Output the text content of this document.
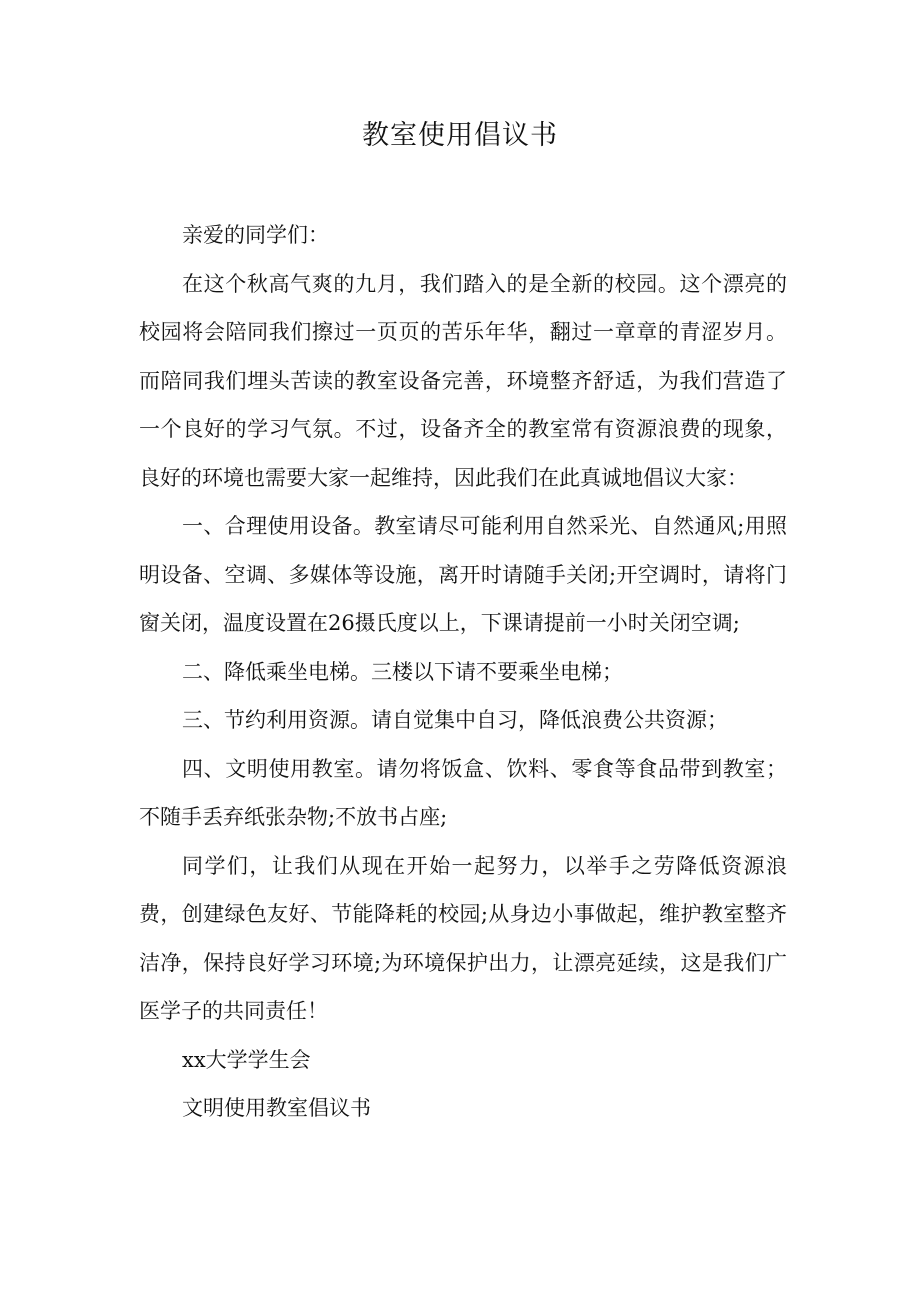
教室使用倡议书

亲爱的同学们：

在这个秋高气爽的九月，我们踏入的是全新的校园。这个漂亮的校园将会陪同我们擦过一页页的苦乐年华，翻过一章章的青涩岁月。而陪同我们埋头苦读的教室设备完善，环境整齐舒适，为我们营造了一个良好的学习气氛。不过，设备齐全的教室常有资源浪费的现象，良好的环境也需要大家一起维持，因此我们在此真诚地倡议大家：

一、合理使用设备。教室请尽可能利用自然采光、自然通风;用照明设备、空调、多媒体等设施，离开时请随手关闭;开空调时，请将门窗关闭，温度设置在26摄氏度以上，下课请提前一小时关闭空调;

二、降低乘坐电梯。三楼以下请不要乘坐电梯；

三、节约利用资源。请自觉集中自习，降低浪费公共资源；

四、文明使用教室。请勿将饭盒、饮料、零食等食品带到教室；不随手丢弃纸张杂物;不放书占座;

同学们，让我们从现在开始一起努力，以举手之劳降低资源浪费，创建绿色友好、节能降耗的校园;从身边小事做起，维护教室整齐洁净，保持良好学习环境;为环境保护出力，让漂亮延续，这是我们广医学子的共同责任！

xx大学学生会

文明使用教室倡议书
